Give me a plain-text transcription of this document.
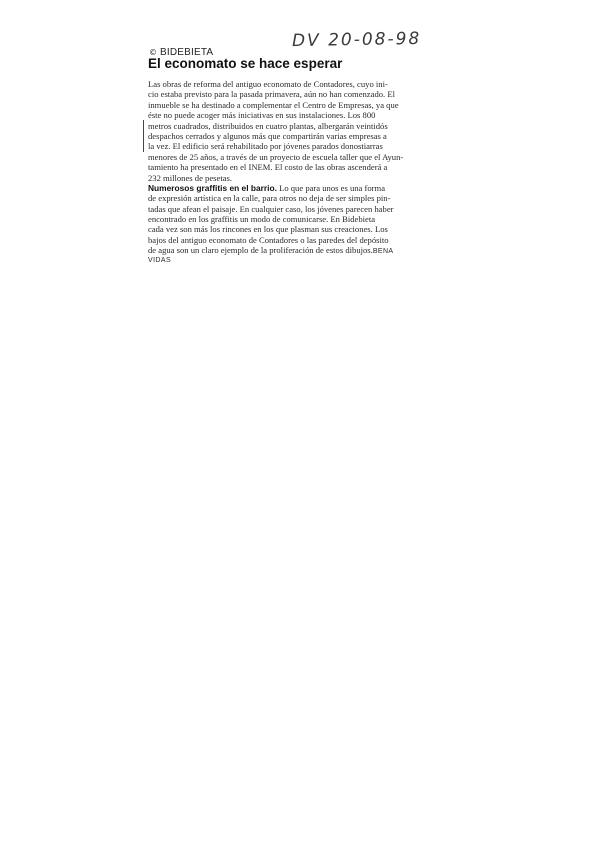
DV 20-08-98
© BIDEBIETA
El economato se hace esperar
Las obras de reforma del antiguo economato de Contadores, cuyo ini-
cio estaba previsto para la pasada primavera, aún no han comenzado. El
inmueble se ha destinado a complementar el Centro de Empresas, ya que
éste no puede acoger más iniciativas en sus instalaciones. Los 800
metros cuadrados, distribuidos en cuatro plantas, albergarán veintidós
despachos cerrados y algunos más que compartirán varias empresas a
la vez. El edificio será rehabilitado por jóvenes parados donostiarras
menores de 25 años, a través de un proyecto de escuela taller que el Ayun-
tamiento ha presentado en el INEM. El costo de las obras ascenderá a
232 millones de pesetas.
Numerosos graffitis en el barrio. Lo que para unos es una forma
de expresión artística en la calle, para otros no deja de ser simples pin-
tadas que afean el paisaje. En cualquier caso, los jóvenes parecen haber
encontrado en los graffitis un modo de comunicarse. En Bidebieta
cada vez son más los rincones en los que plasman sus creaciones. Los
bajos del antiguo economato de Contadores o las paredes del depósito
de agua son un claro ejemplo de la proliferación de estos dibujos.BENA
VIDAS
